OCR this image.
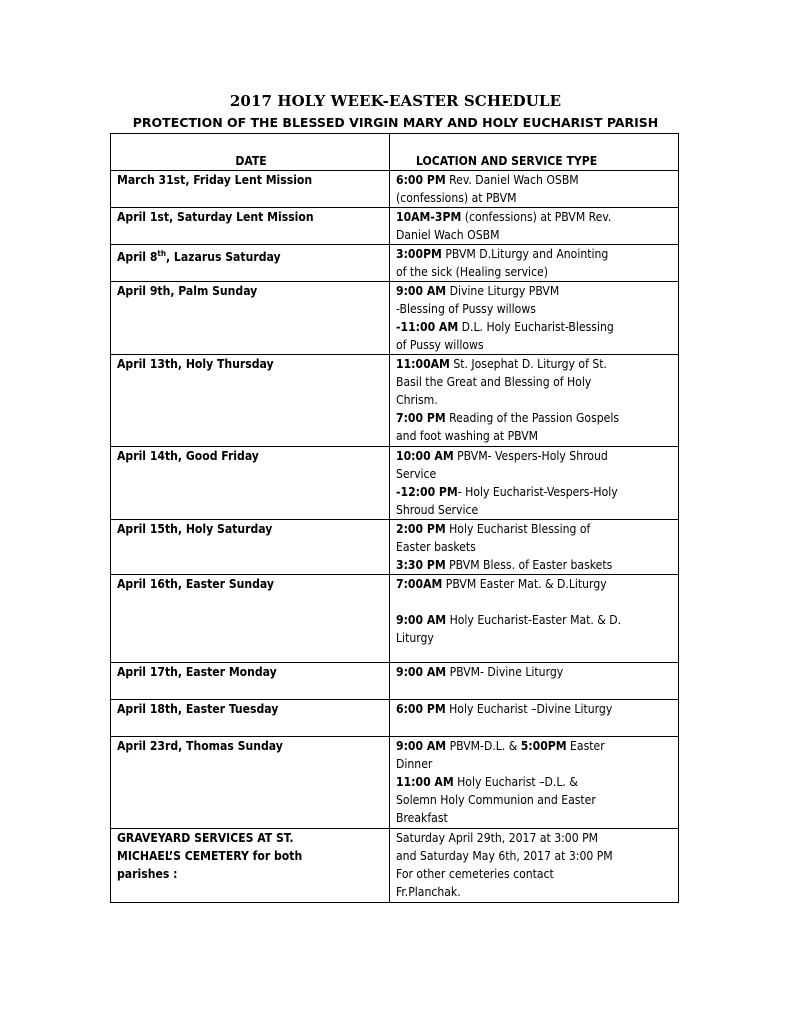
2017 HOLY WEEK-EASTER SCHEDULE
PROTECTION OF THE BLESSED VIRGIN MARY AND HOLY EUCHARIST PARISH
DATE	LOCATION AND SERVICE TYPE
March 31st, Friday Lent Mission	6:00 PM Rev. Daniel Wach OSBM
(confessions) at PBVM

April 1st, Saturday Lent Mission	10AM-3PM (confessions) at PBVM Rev.
Daniel Wach OSBM

April 8th, Lazarus Saturday	3:00PM PBVM D.Liturgy and Anointing
of the sick (Healing service)

April 9th, Palm Sunday	9:00 AM Divine Liturgy PBVM
-Blessing of Pussy willows
-11:00 AM D.L. Holy Eucharist-Blessing
of Pussy willows

April 13th, Holy Thursday	11:00AM St. Josephat D. Liturgy of St.
Basil the Great and Blessing of Holy
Chrism.
7:00 PM Reading of the Passion Gospels
and foot washing at PBVM

April 14th, Good Friday	10:00 AM PBVM- Vespers-Holy Shroud
Service
-12:00 PM- Holy Eucharist-Vespers-Holy
Shroud Service

April 15th, Holy Saturday	2:00 PM Holy Eucharist Blessing of
Easter baskets
3:30 PM PBVM Bless. of Easter baskets

April 16th, Easter Sunday	7:00AM PBVM Easter Mat. & D.Liturgy
9:00 AM Holy Eucharist-Easter Mat. & D.
Liturgy

April 17th, Easter Monday	9:00 AM PBVM- Divine Liturgy

April 18th, Easter Tuesday	6:00 PM Holy Eucharist –Divine Liturgy

April 23rd, Thomas Sunday	9:00 AM PBVM-D.L. & 5:00PM Easter
Dinner
11:00 AM Holy Eucharist –D.L. &
Solemn Holy Communion and Easter
Breakfast

GRAVEYARD SERVICES AT ST.
MICHAEL’S CEMETERY for both
parishes :	Saturday April 29th, 2017 at 3:00 PM
and Saturday May 6th, 2017 at 3:00 PM
For other cemeteries contact
Fr.Planchak.
